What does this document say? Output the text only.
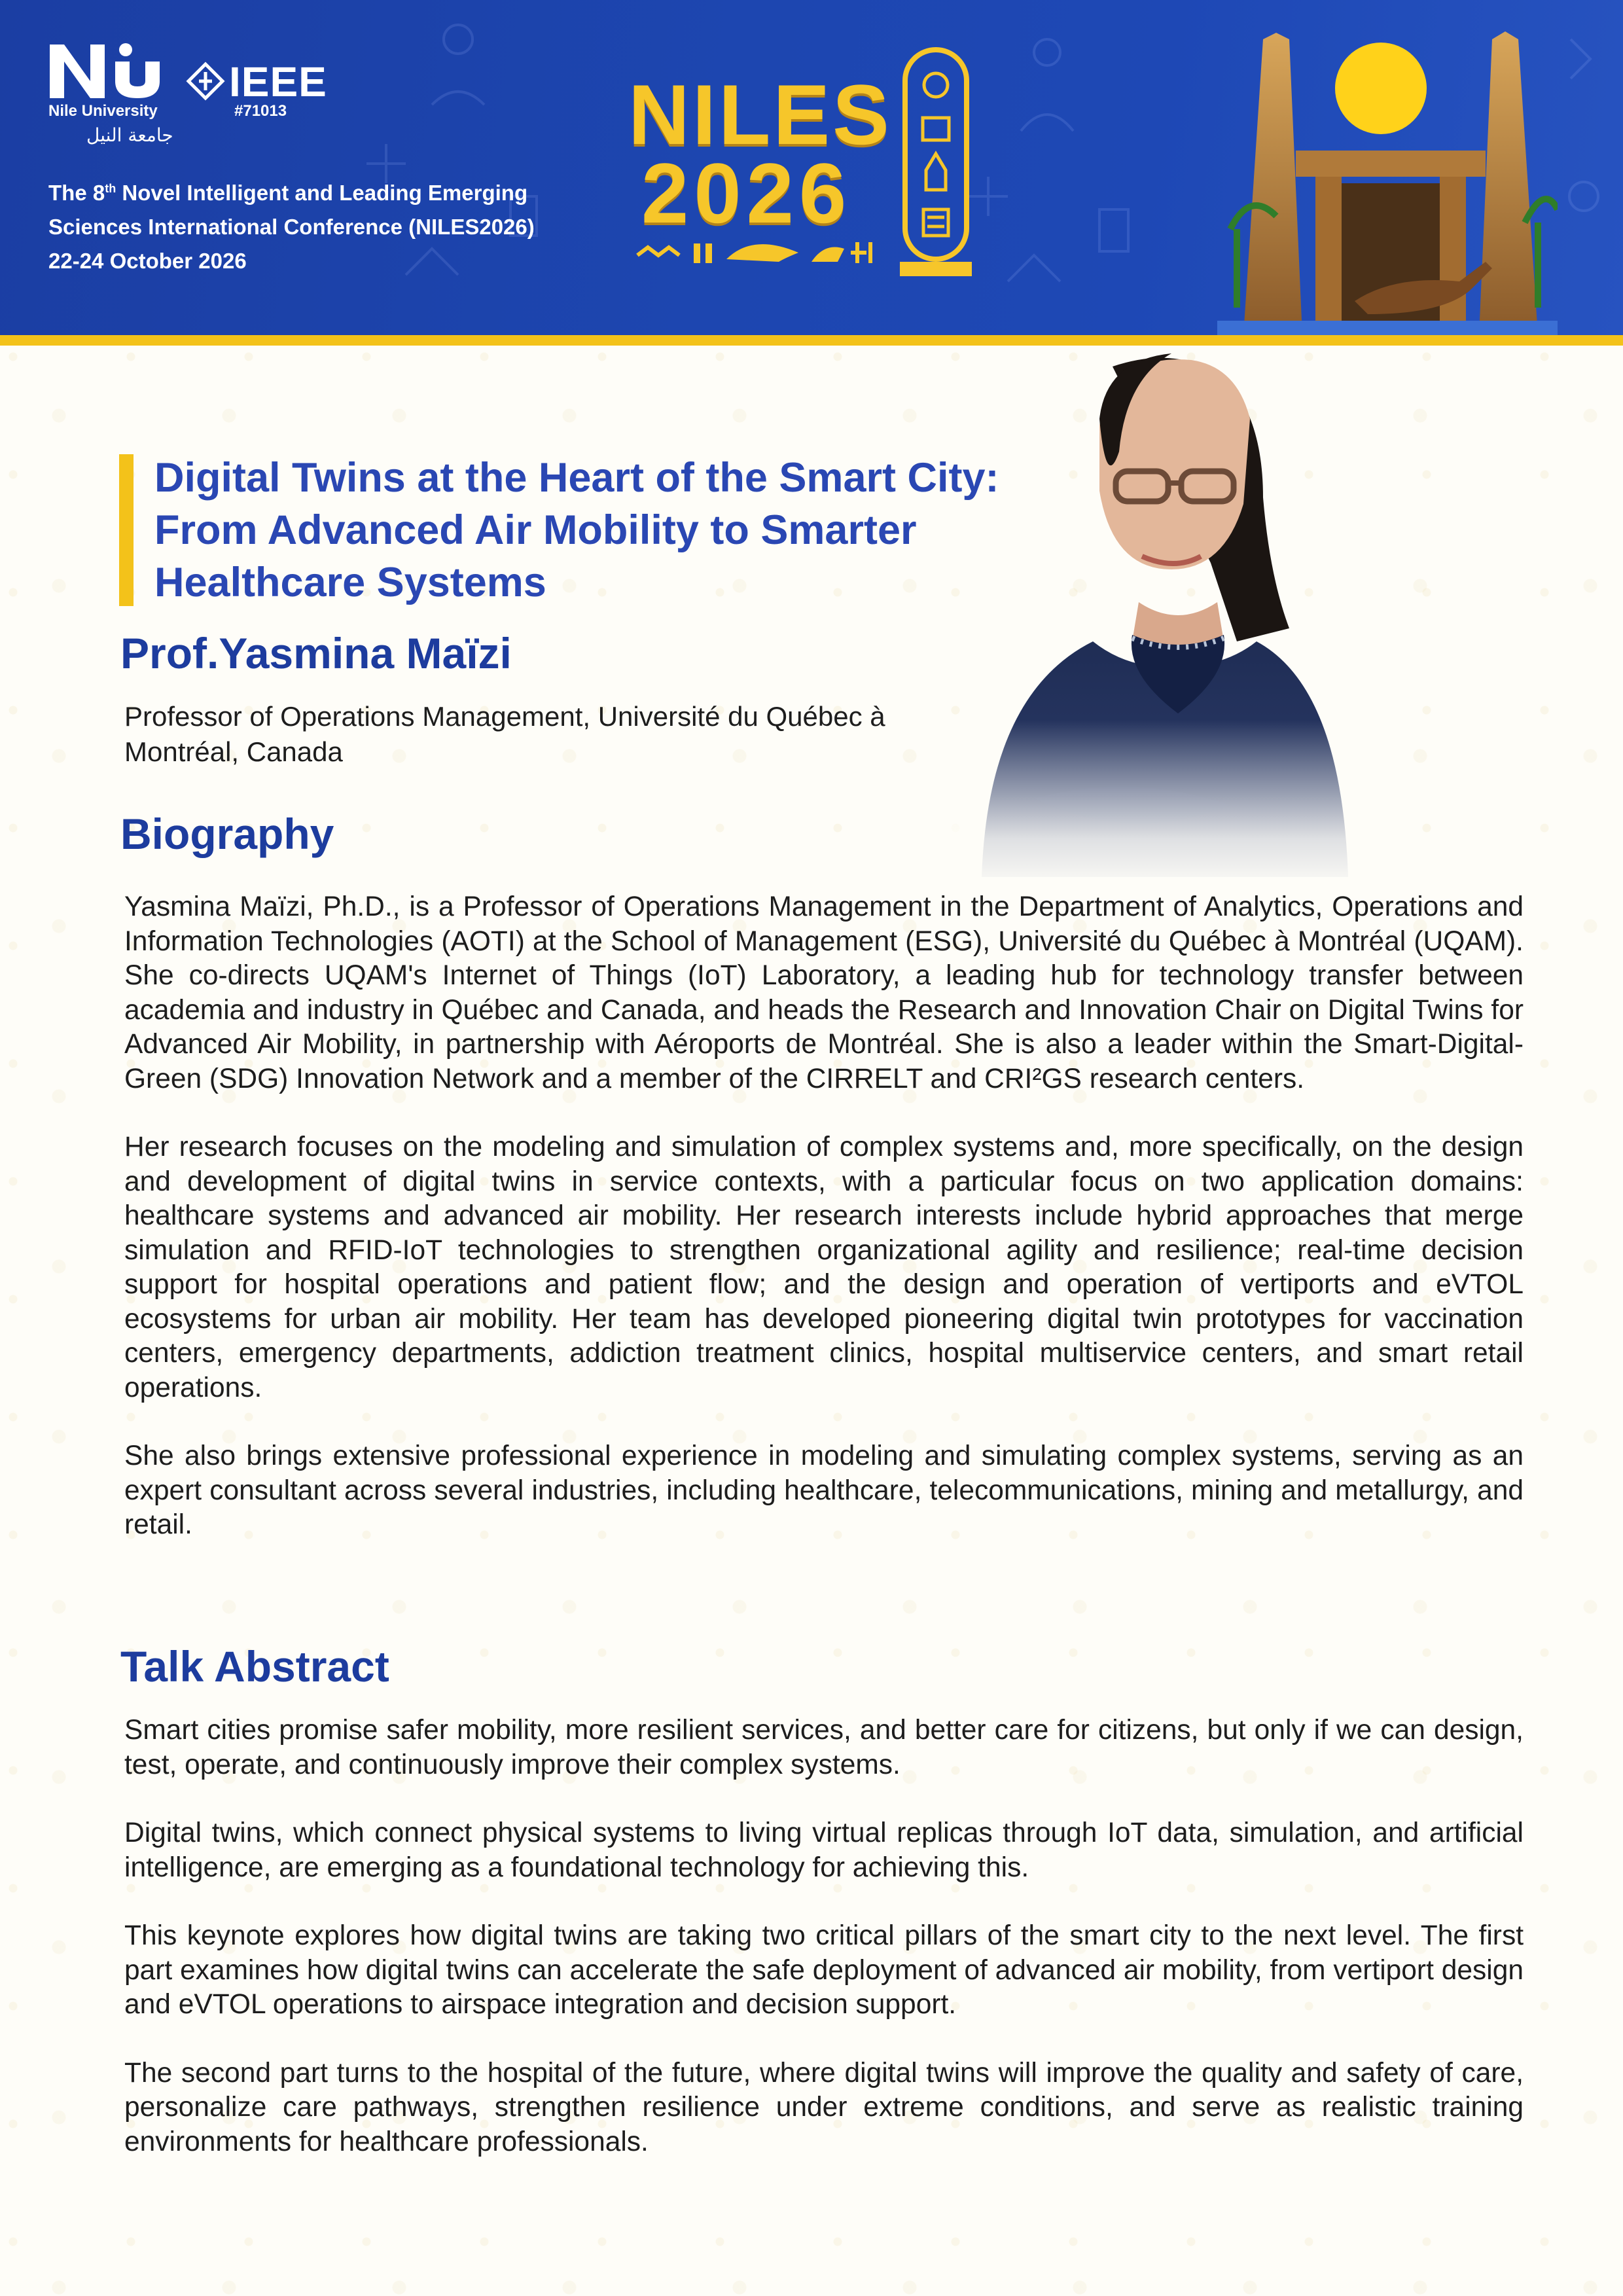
Nile University
جامعة النيل
IEEE
#71013
The 8th Novel Intelligent and Leading Emerging Sciences International Conference (NILES2026)
22-24 October 2026
NILES
2026
Digital Twins at the Heart of the Smart City: From Advanced Air Mobility to Smarter Healthcare Systems
Prof.Yasmina Maïzi
Professor of Operations Management, Université du Québec à Montréal, Canada
Biography

Yasmina Maïzi, Ph.D., is a Professor of Operations Management in the Department of Analytics, Operations and Information Technologies (AOTI) at the School of Management (ESG), Université du Québec à Montréal (UQAM). She co-directs UQAM's Internet of Things (IoT) Laboratory, a leading hub for technology transfer between academia and industry in Québec and Canada, and heads the Research and Innovation Chair on Digital Twins for Advanced Air Mobility, in partnership with Aéroports de Montréal. She is also a leader within the Smart-Digital-Green (SDG) Innovation Network and a member of the CIRRELT and CRI²GS research centers.

Her research focuses on the modeling and simulation of complex systems and, more specifically, on the design and development of digital twins in service contexts, with a particular focus on two application domains: healthcare systems and advanced air mobility. Her research interests include hybrid approaches that merge simulation and RFID-IoT technologies to strengthen organizational agility and resilience; real-time decision support for hospital operations and patient flow; and the design and operation of vertiports and eVTOL ecosystems for urban air mobility. Her team has developed pioneering digital twin prototypes for vaccination centers, emergency departments, addiction treatment clinics, hospital multiservice centers, and smart retail operations.

She also brings extensive professional experience in modeling and simulating complex systems, serving as an expert consultant across several industries, including healthcare, telecommunications, mining and metallurgy, and retail.

Talk Abstract

Smart cities promise safer mobility, more resilient services, and better care for citizens, but only if we can design, test, operate, and continuously improve their complex systems.

Digital twins, which connect physical systems to living virtual replicas through IoT data, simulation, and artificial intelligence, are emerging as a foundational technology for achieving this.

This keynote explores how digital twins are taking two critical pillars of the smart city to the next level. The first part examines how digital twins can accelerate the safe deployment of advanced air mobility, from vertiport design and eVTOL operations to airspace integration and decision support.

The second part turns to the hospital of the future, where digital twins will improve the quality and safety of care, personalize care pathways, strengthen resilience under extreme conditions, and serve as realistic training environments for healthcare professionals.
